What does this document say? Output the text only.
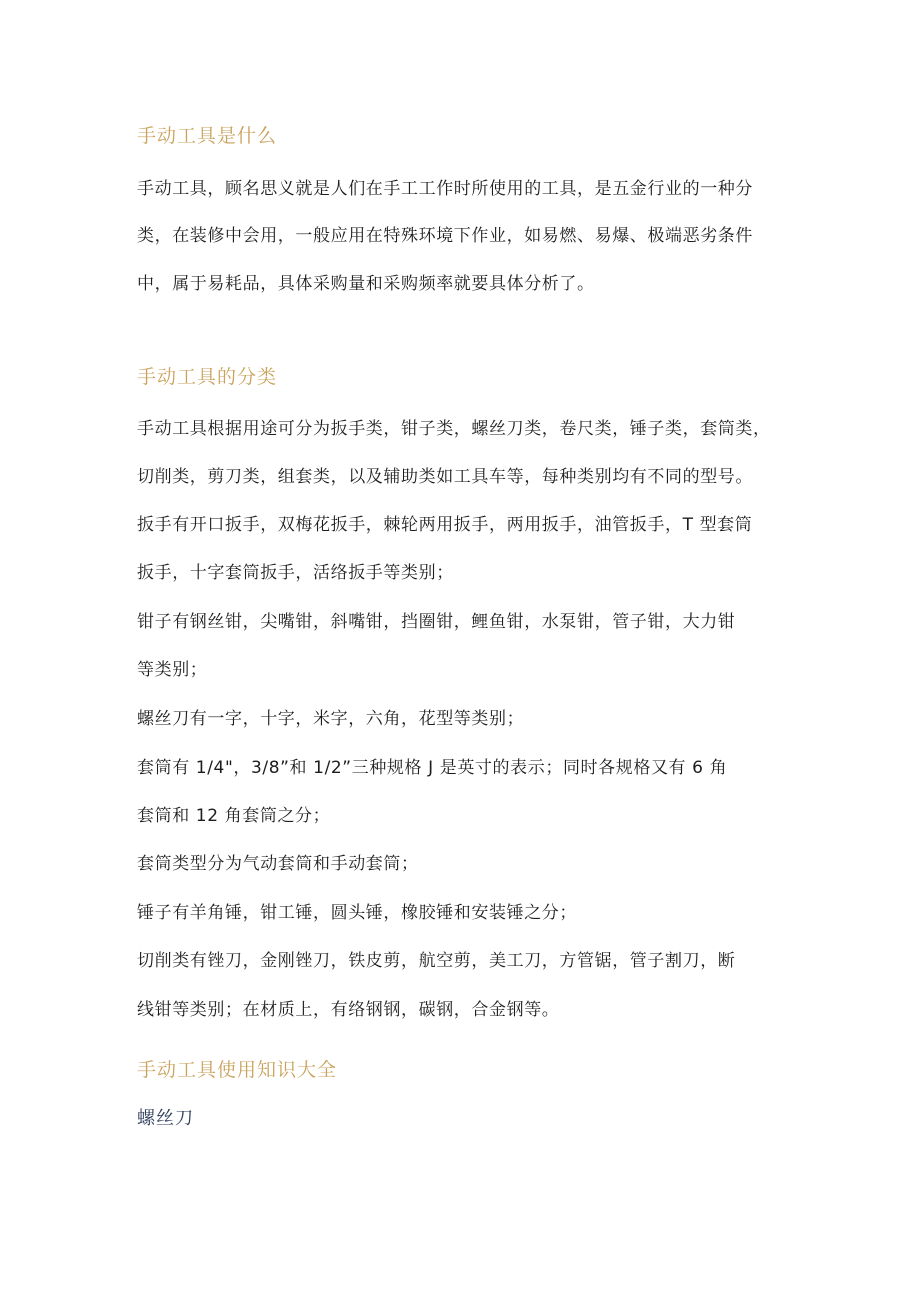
手动工具是什么
手动工具，顾名思义就是人们在手工工作时所使用的工具，是五金行业的一种分
类，在装修中会用，一般应用在特殊环境下作业，如易燃、易爆、极端恶劣条件
中，属于易耗品，具体采购量和采购频率就要具体分析了。
手动工具的分类
手动工具根据用途可分为扳手类，钳子类，螺丝刀类，卷尺类，锤子类，套筒类，
切削类，剪刀类，组套类，以及辅助类如工具车等，每种类别均有不同的型号。
扳手有开口扳手，双梅花扳手，棘轮两用扳手，两用扳手，油管扳手，T 型套筒
扳手，十字套筒扳手，活络扳手等类别；
钳子有钢丝钳，尖嘴钳，斜嘴钳，挡圈钳，鲤鱼钳，水泵钳，管子钳，大力钳
等类别；
螺丝刀有一字，十字，米字，六角，花型等类别；
套筒有 1/4"，3/8”和 1/2”三种规格 J 是英寸的表示；同时各规格又有 6 角
套筒和 12 角套筒之分；
套筒类型分为气动套筒和手动套筒；
锤子有羊角锤，钳工锤，圆头锤，橡胶锤和安装锤之分；
切削类有锉刀，金刚锉刀，铁皮剪，航空剪，美工刀，方管锯，管子割刀，断
线钳等类别；在材质上，有络钢钢，碳钢，合金钢等。
手动工具使用知识大全
螺丝刀
